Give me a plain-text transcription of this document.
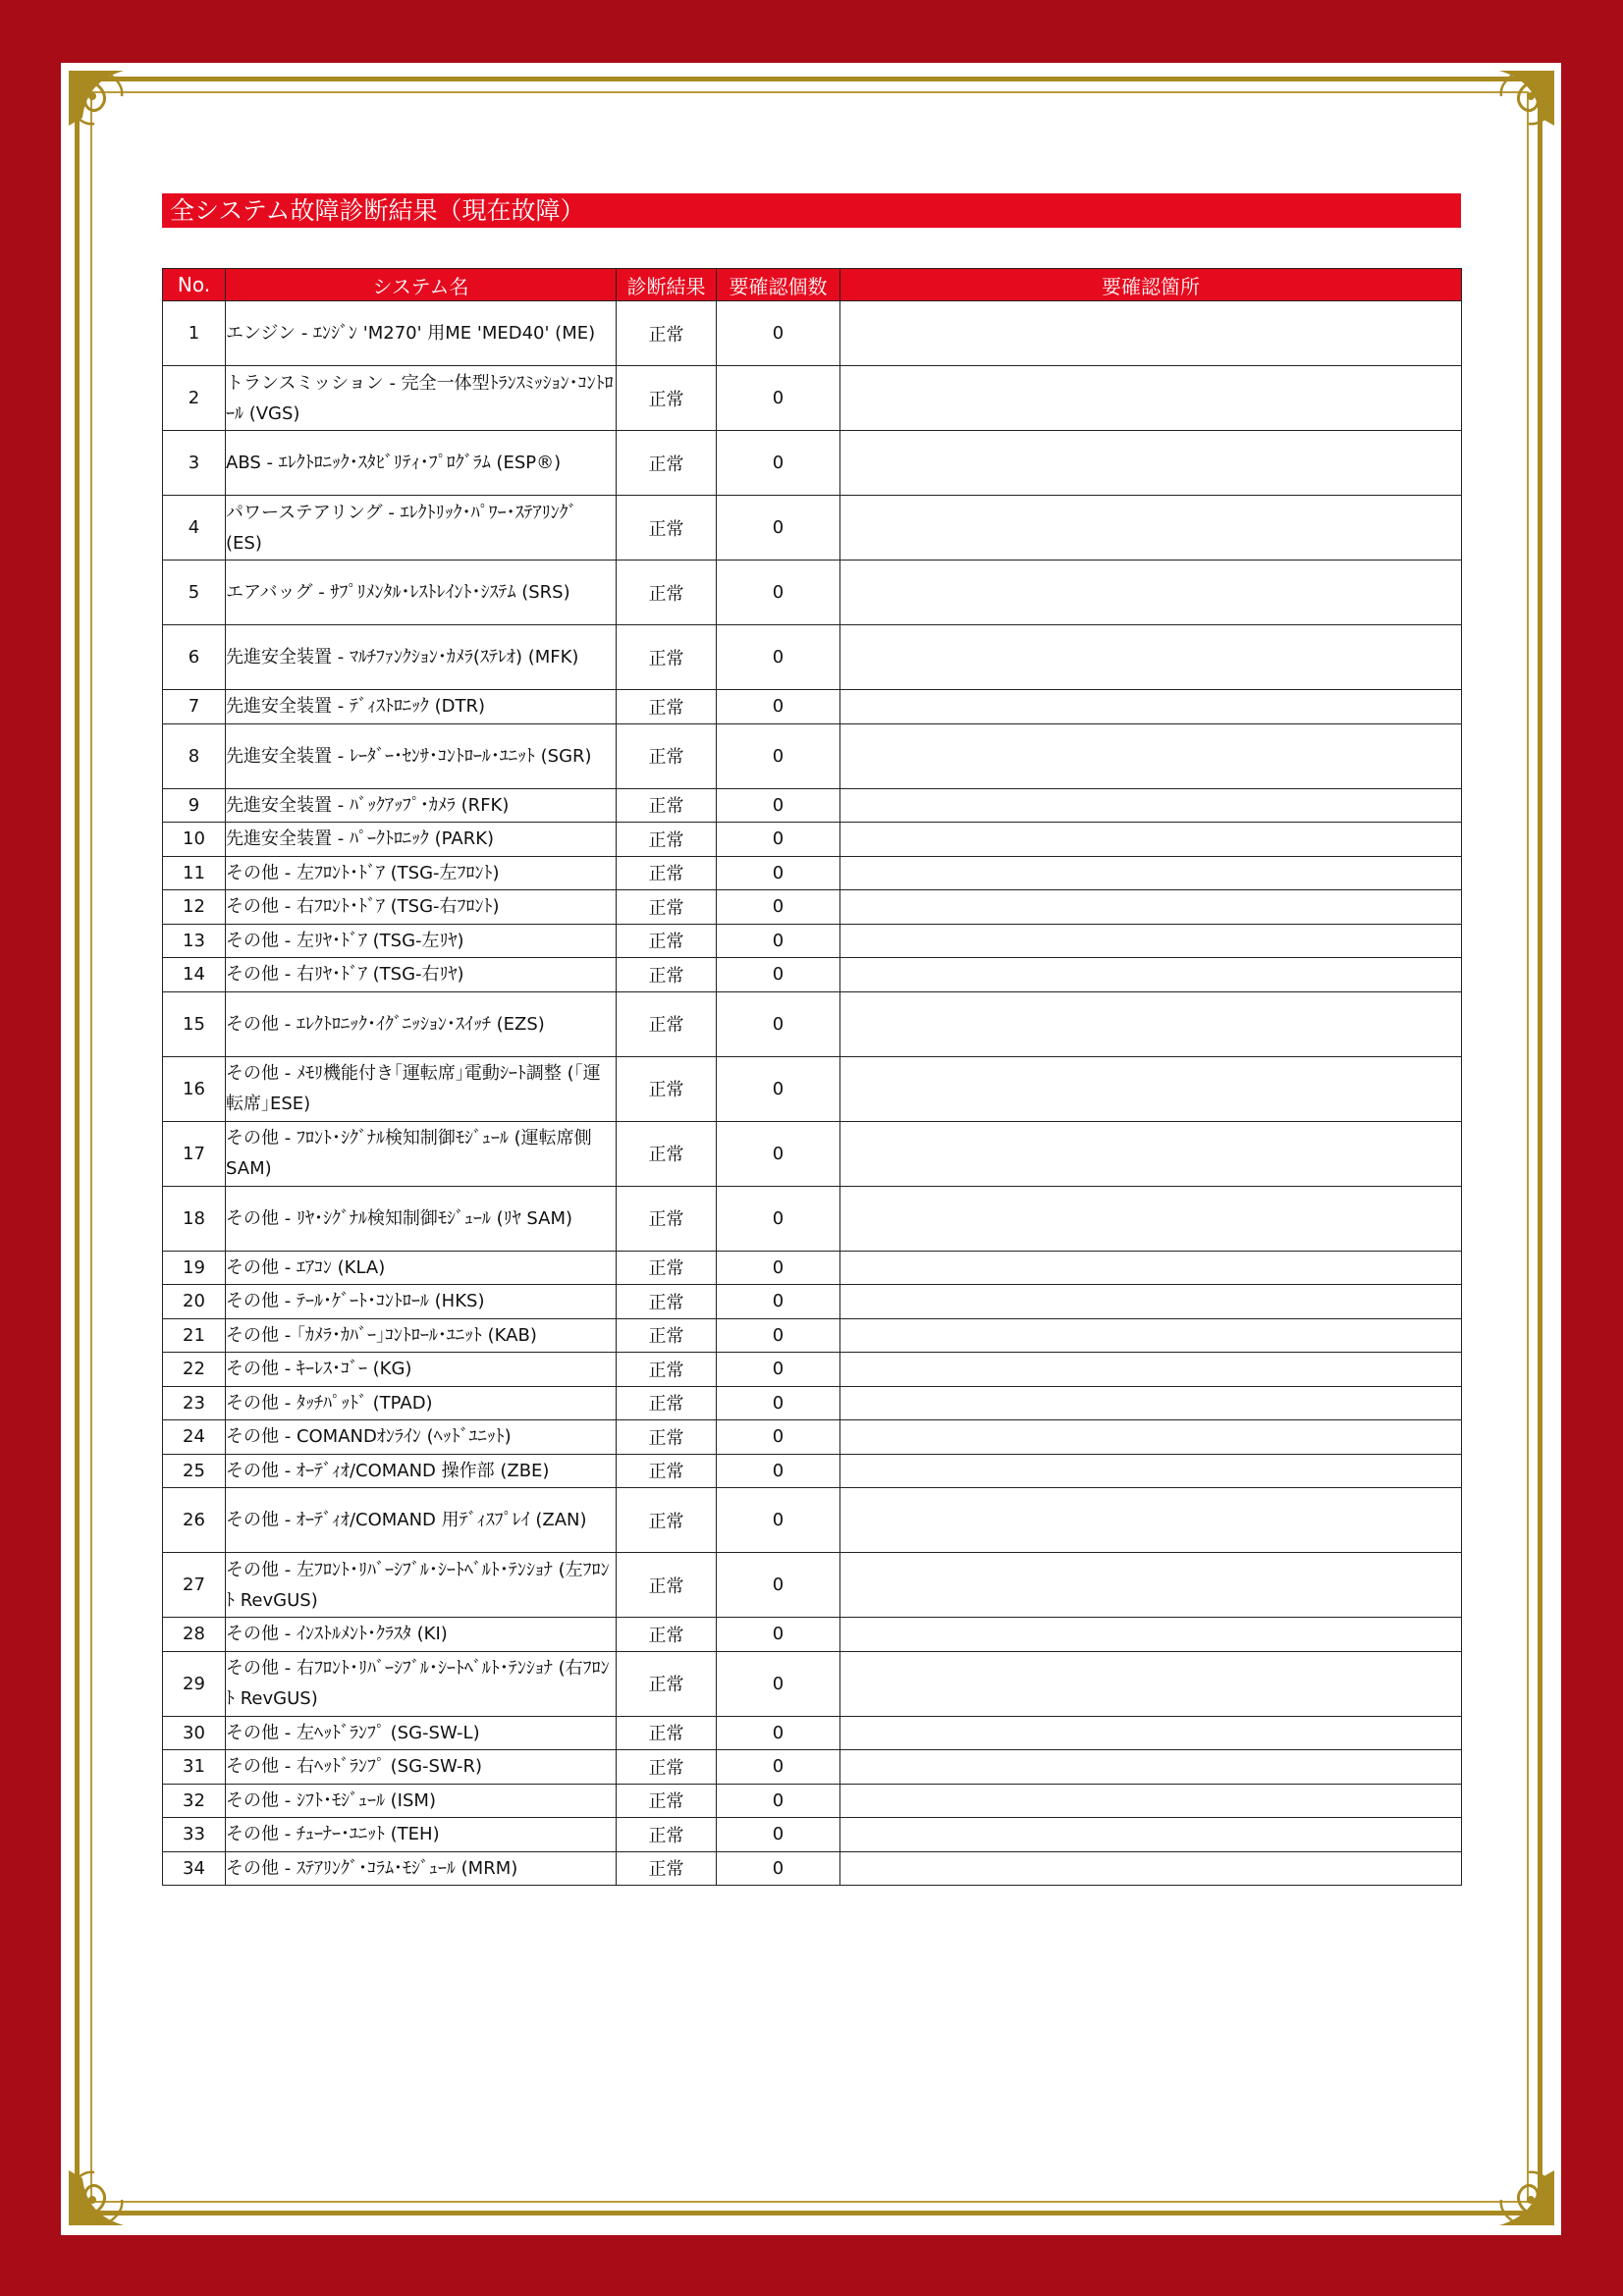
全システム故障診断結果（現在故障）
No.	システム名	診断結果	要確認個数	要確認箇所
1	エンジン - ｴﾝｼﾞﾝ 'M270' 用ME 'MED40' (ME)	正常	0	
2	トランスミッション - 完全一体型ﾄﾗﾝｽﾐｯｼｮﾝ･ｺﾝﾄﾛｰﾙ (VGS)	正常	0	
3	ABS - ｴﾚｸﾄﾛﾆｯｸ･ｽﾀﾋﾞﾘﾃｨ･ﾌﾟﾛｸﾞﾗﾑ (ESP®)	正常	0	
4	パワーステアリング - ｴﾚｸﾄﾘｯｸ･ﾊﾟﾜｰ･ｽﾃｱﾘﾝｸﾞ (ES)	正常	0	
5	エアバッグ - ｻﾌﾟﾘﾒﾝﾀﾙ･ﾚｽﾄﾚｲﾝﾄ･ｼｽﾃﾑ (SRS)	正常	0	
6	先進安全装置 - ﾏﾙﾁﾌｧﾝｸｼｮﾝ･ｶﾒﾗ(ｽﾃﾚｵ) (MFK)	正常	0	
7	先進安全装置 - ﾃﾞｨｽﾄﾛﾆｯｸ (DTR)	正常	0	
8	先進安全装置 - ﾚｰﾀﾞｰ･ｾﾝｻ･ｺﾝﾄﾛｰﾙ･ﾕﾆｯﾄ (SGR)	正常	0	
9	先進安全装置 - ﾊﾞｯｸｱｯﾌﾟ･ｶﾒﾗ (RFK)	正常	0	
10	先進安全装置 - ﾊﾟｰｸﾄﾛﾆｯｸ (PARK)	正常	0	
11	その他 - 左ﾌﾛﾝﾄ･ﾄﾞｱ (TSG-左ﾌﾛﾝﾄ)	正常	0	
12	その他 - 右ﾌﾛﾝﾄ･ﾄﾞｱ (TSG-右ﾌﾛﾝﾄ)	正常	0	
13	その他 - 左ﾘﾔ･ﾄﾞｱ (TSG-左ﾘﾔ)	正常	0	
14	その他 - 右ﾘﾔ･ﾄﾞｱ (TSG-右ﾘﾔ)	正常	0	
15	その他 - ｴﾚｸﾄﾛﾆｯｸ･ｲｸﾞﾆｯｼｮﾝ･ｽｲｯﾁ (EZS)	正常	0	
16	その他 - ﾒﾓﾘ機能付き｢運転席｣電動ｼｰﾄ調整 (｢運転席｣ESE)	正常	0	
17	その他 - ﾌﾛﾝﾄ･ｼｸﾞﾅﾙ検知制御ﾓｼﾞｭｰﾙ (運転席側SAM)	正常	0	
18	その他 - ﾘﾔ･ｼｸﾞﾅﾙ検知制御ﾓｼﾞｭｰﾙ (ﾘﾔ SAM)	正常	0	
19	その他 - ｴｱｺﾝ (KLA)	正常	0	
20	その他 - ﾃｰﾙ･ｹﾞｰﾄ･ｺﾝﾄﾛｰﾙ (HKS)	正常	0	
21	その他 - ｢ｶﾒﾗ･ｶﾊﾞｰ｣ｺﾝﾄﾛｰﾙ･ﾕﾆｯﾄ (KAB)	正常	0	
22	その他 - ｷｰﾚｽ･ｺﾞｰ (KG)	正常	0	
23	その他 - ﾀｯﾁﾊﾟｯﾄﾞ (TPAD)	正常	0	
24	その他 - COMANDｵﾝﾗｲﾝ (ﾍｯﾄﾞﾕﾆｯﾄ)	正常	0	
25	その他 - ｵｰﾃﾞｨｵ/COMAND 操作部 (ZBE)	正常	0	
26	その他 - ｵｰﾃﾞｨｵ/COMAND 用ﾃﾞｨｽﾌﾟﾚｲ (ZAN)	正常	0	
27	その他 - 左ﾌﾛﾝﾄ･ﾘﾊﾞｰｼﾌﾞﾙ･ｼｰﾄﾍﾞﾙﾄ･ﾃﾝｼｮﾅ (左ﾌﾛﾝﾄ RevGUS)	正常	0	
28	その他 - ｲﾝｽﾄﾙﾒﾝﾄ･ｸﾗｽﾀ (KI)	正常	0	
29	その他 - 右ﾌﾛﾝﾄ･ﾘﾊﾞｰｼﾌﾞﾙ･ｼｰﾄﾍﾞﾙﾄ･ﾃﾝｼｮﾅ (右ﾌﾛﾝﾄ RevGUS)	正常	0	
30	その他 - 左ﾍｯﾄﾞﾗﾝﾌﾟ (SG-SW-L)	正常	0	
31	その他 - 右ﾍｯﾄﾞﾗﾝﾌﾟ (SG-SW-R)	正常	0	
32	その他 - ｼﾌﾄ･ﾓｼﾞｭｰﾙ (ISM)	正常	0	
33	その他 - ﾁｭｰﾅｰ･ﾕﾆｯﾄ (TEH)	正常	0	
34	その他 - ｽﾃｱﾘﾝｸﾞ･ｺﾗﾑ･ﾓｼﾞｭｰﾙ (MRM)	正常	0	
